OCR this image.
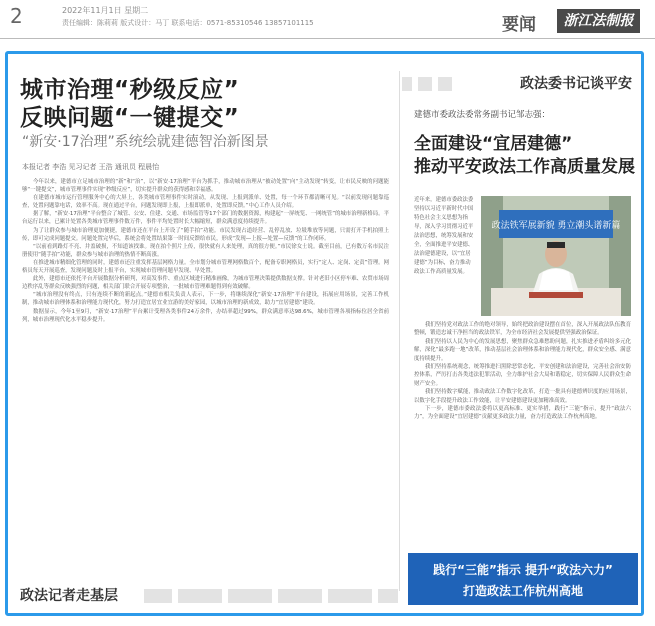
2	2022年11月1日 星期二
责任编辑：陈莉莉 版式设计：马丁 联系电话：0571-85310546 13857101115	要闻	浙江法制报
城市治理“秒级反应”
反映问题“一键提交”
“新安·17治理”系统绘就建德智治新图景
本报记者 李浩 见习记者 王浩 通讯员 程晨怡

今年以来，建德市立足城市治理的“新”和“治”，以“新安·17治理”平台为抓手，推动城市治理从“被动处置”向“主动发现”转变，让市民反映的问题能够“一键提交”，城市管理事件实现“秒级反应”，切实提升群众的获得感和幸福感。

在建德市城市运行管理服务中心的大屏上，各类城市管理事件实时滚动，从发现、上报到派单、处置，每一个环节都清晰可见。“以前发现问题靠巡查，处置问题靠电话，效率不高。现在通过平台，问题发现即上报，上报即派单，处置即反馈。”中心工作人员介绍。

据了解，“新安·17治理”平台整合了城管、公安、住建、交通、市场监管等17个部门的数据资源，构建起“一屏统览、一网统管”的城市治理新格局。平台运行以来，已累计处置各类城市管理事件数万件，事件平均处置时长大幅缩短，群众满意度持续提升。

为了让群众参与城市治理更加便捷，建德市还在平台上开设了“随手拍”功能。市民发现占道经营、乱停乱放、垃圾堆放等问题，只需打开手机拍照上传，即可完成问题提交。问题处置完毕后，系统会将处置结果第一时间反馈给市民，形成“发现—上报—处置—反馈”的工作闭环。

“以前看到路灯不亮、井盖破损，不知道该找谁。现在拍个照片上传，很快就有人来处理，真的很方便。”市民徐女士说。截至目前，已有数万名市民注册使用“随手拍”功能，群众参与城市治理的热情不断高涨。

在推进城市精细化管理的同时，建德市还注重发挥基层网格力量。全市划分城市管理网格数百个，配备专职网格员，实行“定人、定岗、定责”管理。网格员每天开展巡查，发现问题及时上报平台，实现城市管理问题早发现、早处置。

此外，建德市还依托平台开展数据分析研判，对高发事件、重点区域进行精准画像，为城市管理决策提供数据支撑。针对老旧小区停车难、农贸市场周边秩序乱等群众反映强烈的问题，相关部门联合开展专项整治，一批城市管理难题得到有效破解。

“城市治理没有终点，只有连续不断的新起点。”建德市相关负责人表示，下一步，将继续深化“新安·17治理”平台建设，拓展应用场景，完善工作机制，推动城市治理体系和治理能力现代化，努力打造宜居宜业宜游的美好家园，以城市治理的新成效，助力“宜居建德”建设。

数据显示，今年1至9月，“新安·17治理”平台累计受理各类事件24万余件，办结率超过99%，群众满意率达98.6%，城市管理各项指标位居全省前列，城市治理现代化水平稳步提升。

政法记者走基层
政法委书记谈平安
建德市委政法委常务副书记邹志强：
全面建设“宜居建德”
推动平安政法工作高质量发展

近年来，建德市委政法委坚持以习近平新时代中国特色社会主义思想为指导，深入学习贯彻习近平法治思想，统筹发展和安全，全面推进平安建德、法治建德建设，以“宜居建德”为目标，奋力推动政法工作高质量发展。

政法铁军展新貌 勇立潮头谱新篇

我们坚持党对政法工作的绝对领导，始终把政治建设摆在首位，深入开展政法队伍教育整顿，锻造忠诚干净担当的政法铁军，为全市经济社会发展提供坚强政治保证。

我们坚持以人民为中心的发展思想，聚焦群众急难愁盼问题，扎实推进矛盾纠纷多元化解，深化“最多跑一地”改革，推动基层社会治理体系和治理能力现代化，群众安全感、满意度持续提升。

我们坚持系统观念，统筹推进扫黑除恶常态化、平安创建和法治建设，完善社会治安防控体系，严厉打击各类违法犯罪活动，全力维护社会大局和谐稳定，切实保障人民群众生命财产安全。

我们坚持数字赋能，推动政法工作数字化改革，打造一批具有建德辨识度的应用场景，以数字化手段提升政法工作效能，让平安建德建设更加精准高效。

下一步，建德市委政法委将以更高标准、更实举措，践行“三能”指示，提升“政法六力”，为全面建设“宜居建德”贡献更多政法力量，奋力打造政法工作杭州高地。

践行“三能”指示 提升“政法六力”
打造政法工作杭州高地
